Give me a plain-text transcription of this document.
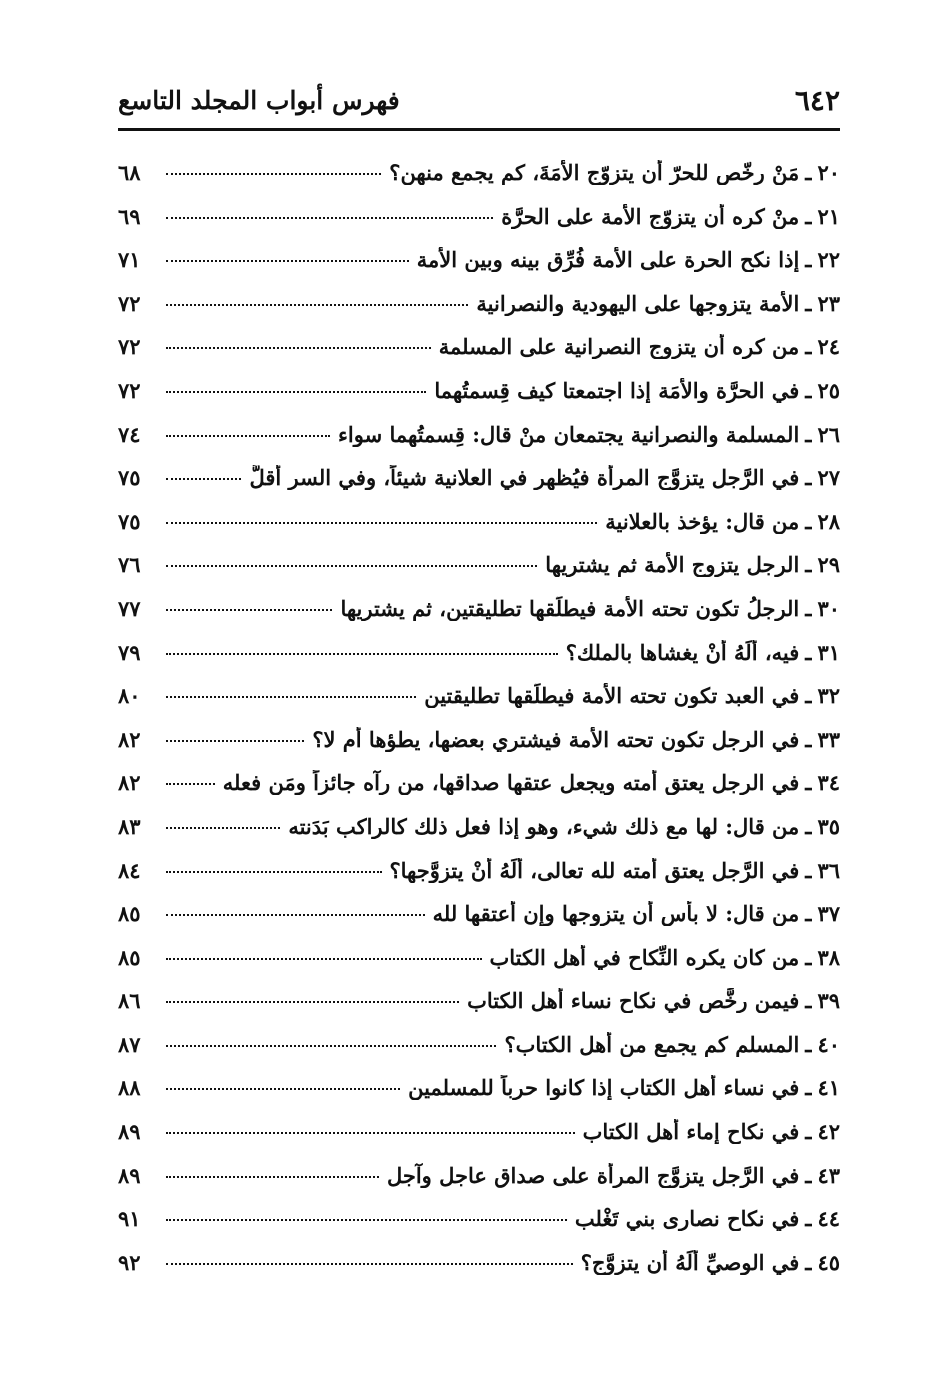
٦٤٢
فهرس أبواب المجلد التاسع
٢٠
ـ
مَنْ رخّص للحرّ أن يتزوّج الأَمَةَ، كم يجمع منهن؟
٦٨
٢١
ـ
منْ كره أن يتزوّج الأمة على الحرَّة
٦٩
٢٢
ـ
إذا نكح الحرة على الأمة فُرِّق بينه وبين الأمة
٧١
٢٣
ـ
الأمة يتزوجها على اليهودية والنصرانية
٧٢
٢٤
ـ
من كره أن يتزوج النصرانية على المسلمة
٧٢
٢٥
ـ
في الحرَّة والأَمَة إذا اجتمعتا كيف قِسمتُهما
٧٢
٢٦
ـ
المسلمة والنصرانية يجتمعان منْ قال: قِسمتُهما سواء
٧٤
٢٧
ـ
في الرَّجل يتزوَّج المرأة فيُظهر في العلانية شيئاً، وفي السر أقلَّ
٧٥
٢٨
ـ
من قال: يؤخذ بالعلانية
٧٥
٢٩
ـ
الرجل يتزوج الأمة ثم يشتريها
٧٦
٣٠
ـ
الرجلُ تكون تحته الأمة فيطلِّقها تطليقتين، ثم يشتريها
٧٧
٣١
ـ
فيه، أَلَهُ أنْ يغشاها بالملك؟
٧٩
٣٢
ـ
في العبد تكون تحته الأَمة فيطلِّقها تطليقتين
٨٠
٣٣
ـ
في الرجل تكون تحته الأمة فيشتري بعضها، يطؤها أم لا؟
٨٢
٣٤
ـ
في الرجل يعتق أمته ويجعل عتقها صداقها، من رآه جائزاً ومَن فعله
٨٢
٣٥
ـ
من قال: لها مع ذلك شيء، وهو إذا فعل ذلك كالراكب بَدَنته
٨٣
٣٦
ـ
في الرَّجل يعتق أمته لله تعالى، أَلَهُ أنْ يتزوَّجها؟
٨٤
٣٧
ـ
من قال: لا بأس أن يتزوجها وإن أعتقها لله
٨٥
٣٨
ـ
من كان يكره النِّكاح في أهل الكتاب
٨٥
٣٩
ـ
فيمن رخَّص في نكاح نساء أهل الكتاب
٨٦
٤٠
ـ
المسلم كم يجمع من أهل الكتاب؟
٨٧
٤١
ـ
في نساء أهل الكتاب إذا كانوا حرباً للمسلمين
٨٨
٤٢
ـ
في نكاح إماء أهل الكتاب
٨٩
٤٣
ـ
في الرَّجل يتزوَّج المرأة على صداق عاجل وآجل
٨٩
٤٤
ـ
في نكاح نصارى بني تَغْلب
٩١
٤٥
ـ
في الوصيِّ أَلَهُ أن يتزوَّج؟
٩٢
